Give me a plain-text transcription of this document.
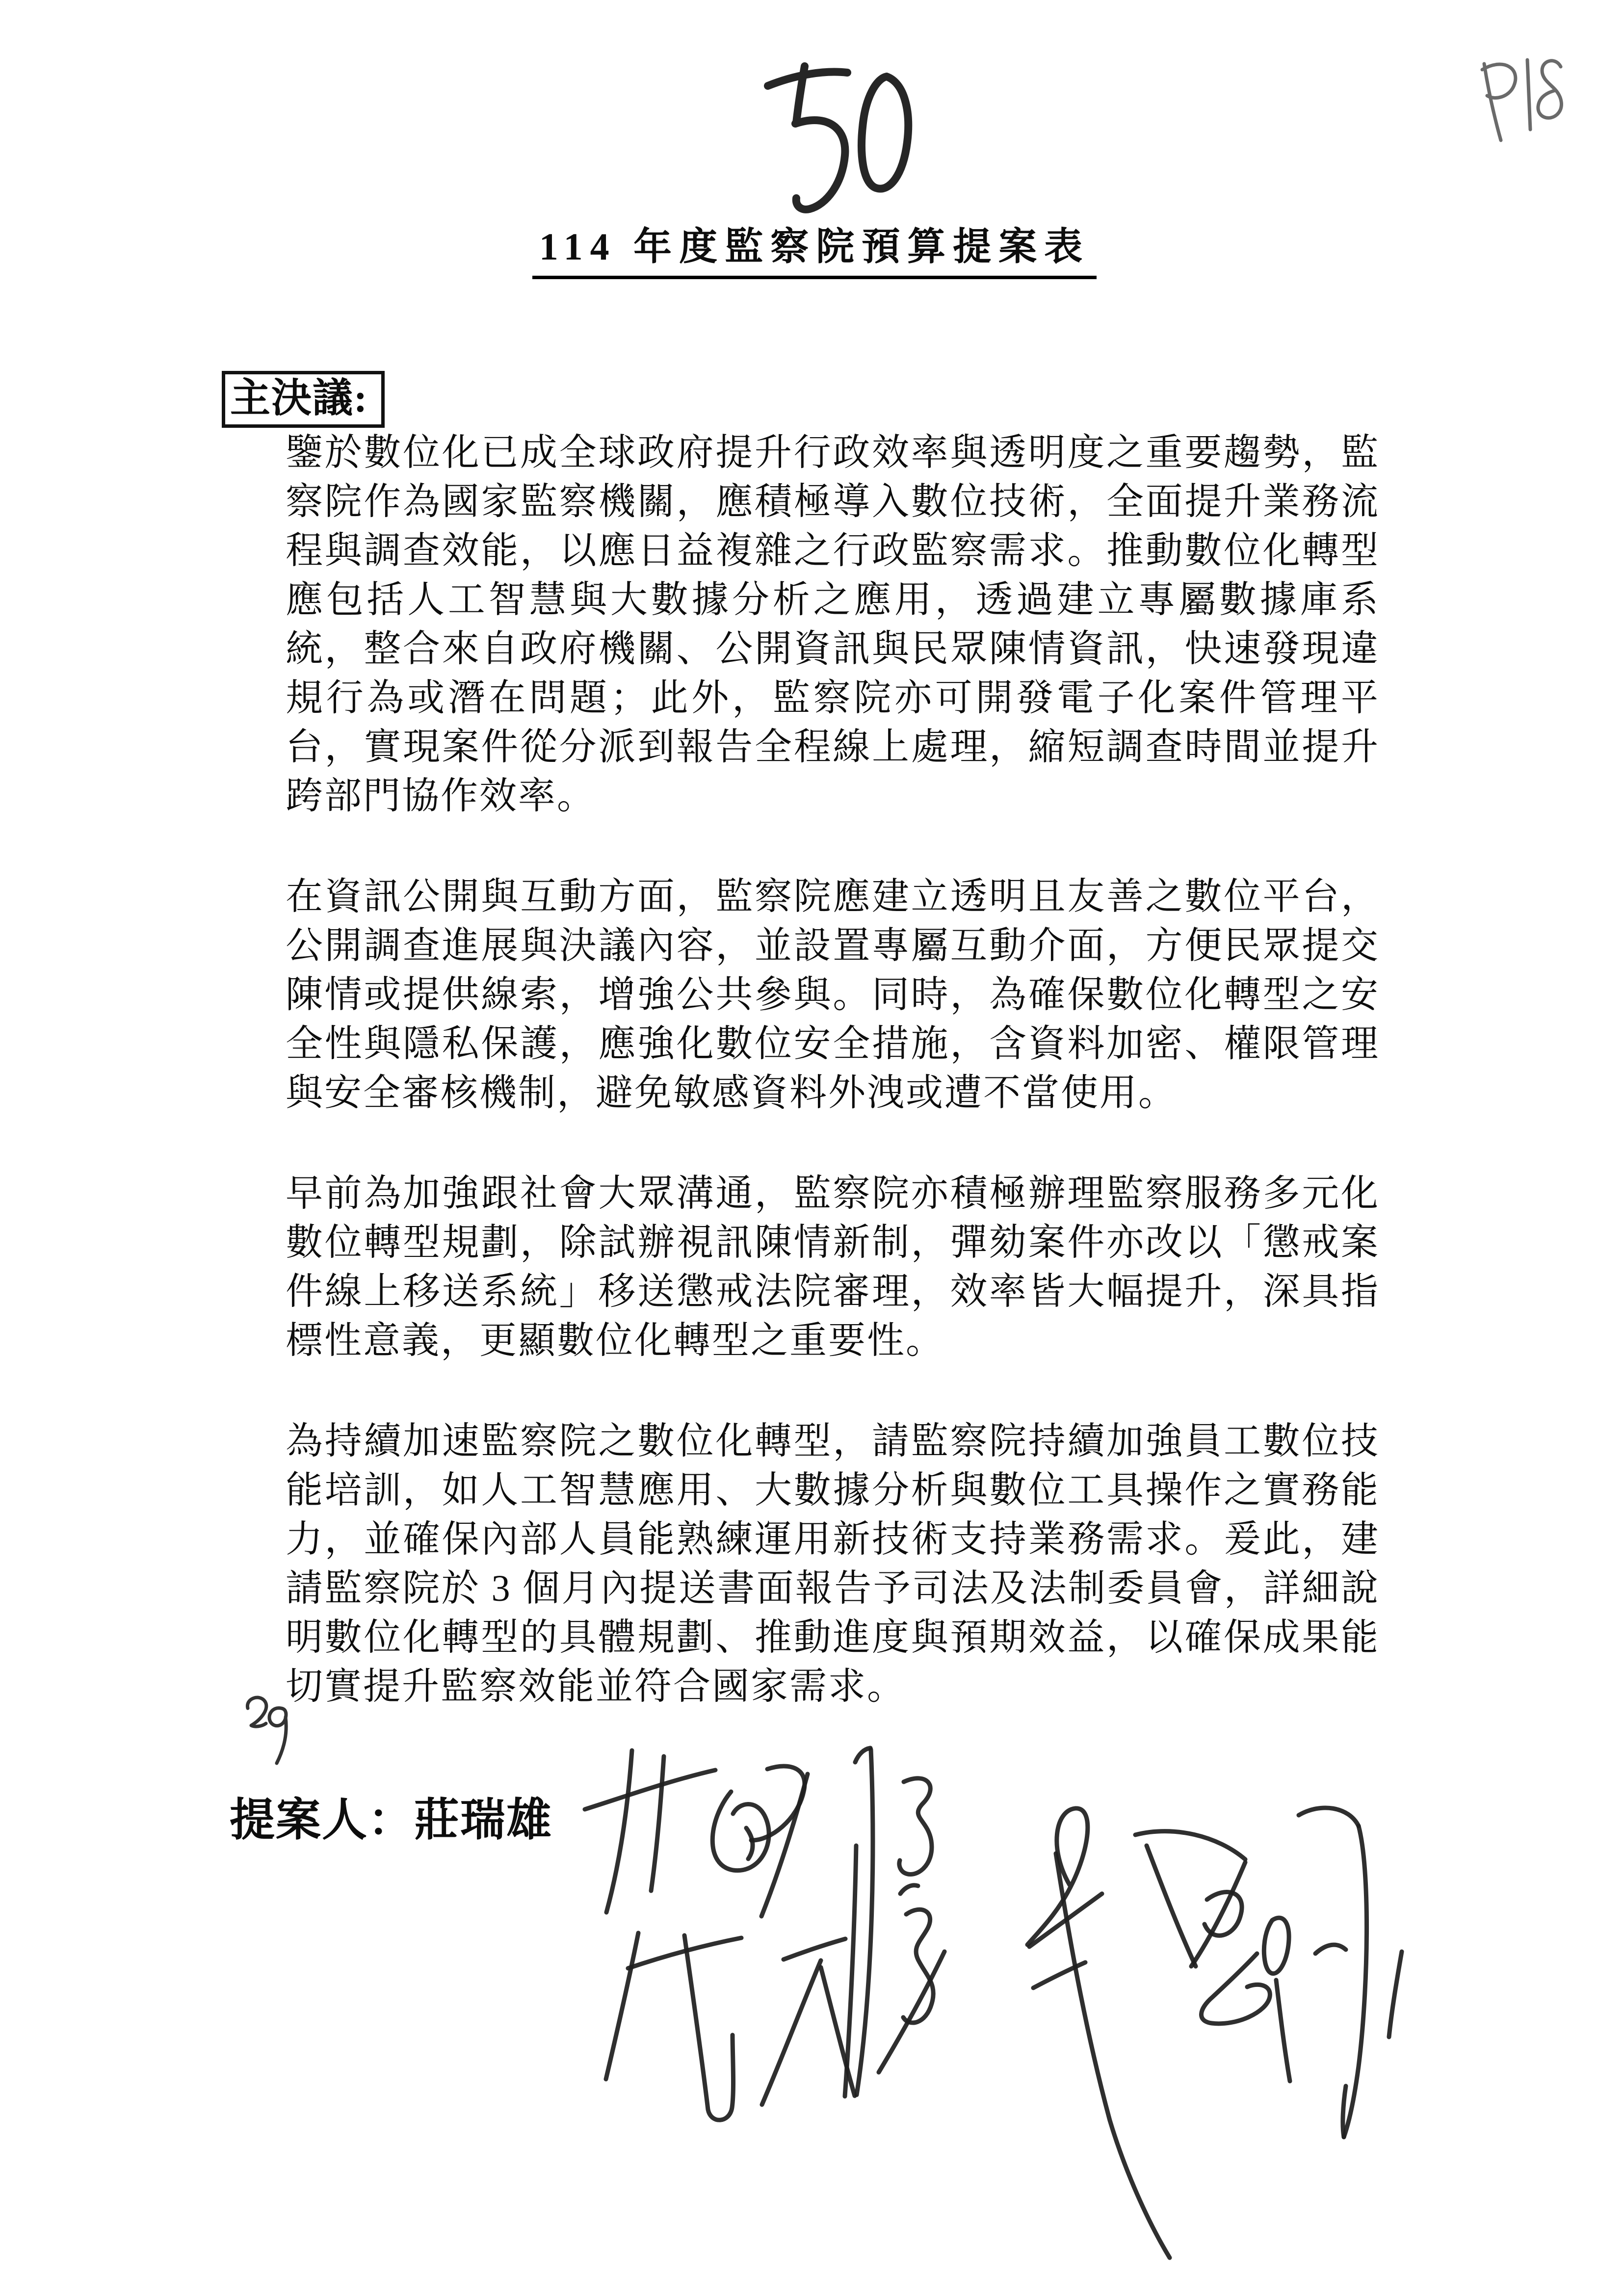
114 年度監察院預算提案表
主決議:
鑒於數位化已成全球政府提升行政效率與透明度之重要趨勢，監
察院作為國家監察機關，應積極導入數位技術，全面提升業務流
程與調查效能，以應日益複雜之行政監察需求。推動數位化轉型
應包括人工智慧與大數據分析之應用，透過建立專屬數據庫系
統，整合來自政府機關、公開資訊與民眾陳情資訊，快速發現違
規行為或潛在問題；此外，監察院亦可開發電子化案件管理平
台，實現案件從分派到報告全程線上處理，縮短調查時間並提升
跨部門協作效率。
在資訊公開與互動方面，監察院應建立透明且友善之數位平台，
公開調查進展與決議內容，並設置專屬互動介面，方便民眾提交
陳情或提供線索，增強公共參與。同時，為確保數位化轉型之安
全性與隱私保護，應強化數位安全措施，含資料加密、權限管理
與安全審核機制，避免敏感資料外洩或遭不當使用。
早前為加強跟社會大眾溝通，監察院亦積極辦理監察服務多元化
數位轉型規劃，除試辦視訊陳情新制，彈劾案件亦改以「懲戒案
件線上移送系統」移送懲戒法院審理，效率皆大幅提升，深具指
標性意義，更顯數位化轉型之重要性。
為持續加速監察院之數位化轉型，請監察院持續加強員工數位技
能培訓，如人工智慧應用、大數據分析與數位工具操作之實務能
力，並確保內部人員能熟練運用新技術支持業務需求。爰此，建
請監察院於 3 個月內提送書面報告予司法及法制委員會，詳細說
明數位化轉型的具體規劃、推動進度與預期效益，以確保成果能
切實提升監察效能並符合國家需求。
提案人：莊瑞雄
